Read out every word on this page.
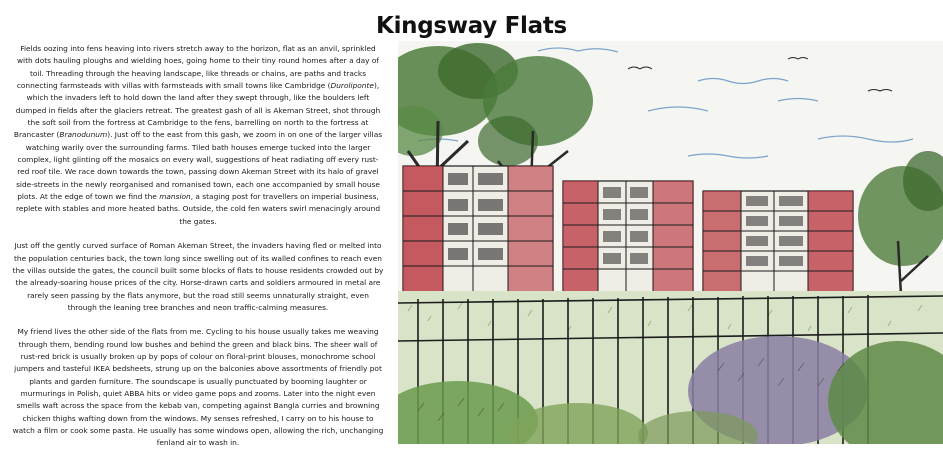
Kingsway Flats

Fields oozing into fens heaving into rivers stretch away to the horizon, flat as an anvil, sprinkled with dots hauling ploughs and wielding hoes, going home to their tiny round homes after a day of toil. Threading through the heaving landscape, like threads or chains, are paths and tracks connecting farmsteads with villas with farmsteads with small towns like Cambridge (Duroliponte), which the invaders left to hold down the land after they swept through, like the boulders left dumped in fields after the glaciers retreat. The greatest gash of all is Akeman Street, shot through the soft soil from the fortress at Cambridge to the fens, barrelling on north to the fortress at Brancaster (Branodunum). Just off to the east from this gash, we zoom in on one of the larger villas watching warily over the surrounding farms. Tiled bath houses emerge tucked into the larger complex, light glinting off the mosaics on every wall, suggestions of heat radiating off every rust-red roof tile. We race down towards the town, passing down Akeman Street with its halo of gravel side-streets in the newly reorganised and romanised town, each one accompanied by small house plots. At the edge of town we find the mansion, a staging post for travellers on imperial business, replete with stables and more heated baths. Outside, the cold fen waters swirl menacingly around the gates.

Just off the gently curved surface of Roman Akeman Street, the invaders having fled or melted into the population centuries back, the town long since swelling out of its walled confines to reach even the villas outside the gates, the council built some blocks of flats to house residents crowded out by the already-soaring house prices of the city. Horse-drawn carts and soldiers armoured in metal are rarely seen passing by the flats anymore, but the road still seems unnaturally straight, even through the leaning tree branches and neon traffic-calming measures.

My friend lives the other side of the flats from me. Cycling to his house usually takes me weaving through them, bending round low bushes and behind the green and black bins. The sheer wall of rust-red brick is usually broken up by pops of colour on floral-print blouses, monochrome school jumpers and tasteful IKEA bedsheets, strung up on the balconies above assortments of friendly pot plants and garden furniture. The soundscape is usually punctuated by booming laughter or murmurings in Polish, quiet ABBA hits or video game pops and zooms. Later into the night even smells waft across the space from the kebab van, competing against Bangla curries and browning chicken thighs wafting down from the windows. My senses refreshed, I carry on to his house to watch a film or cook some pasta. He usually has some windows open, allowing the rich, unchanging fenland air to wash in.
